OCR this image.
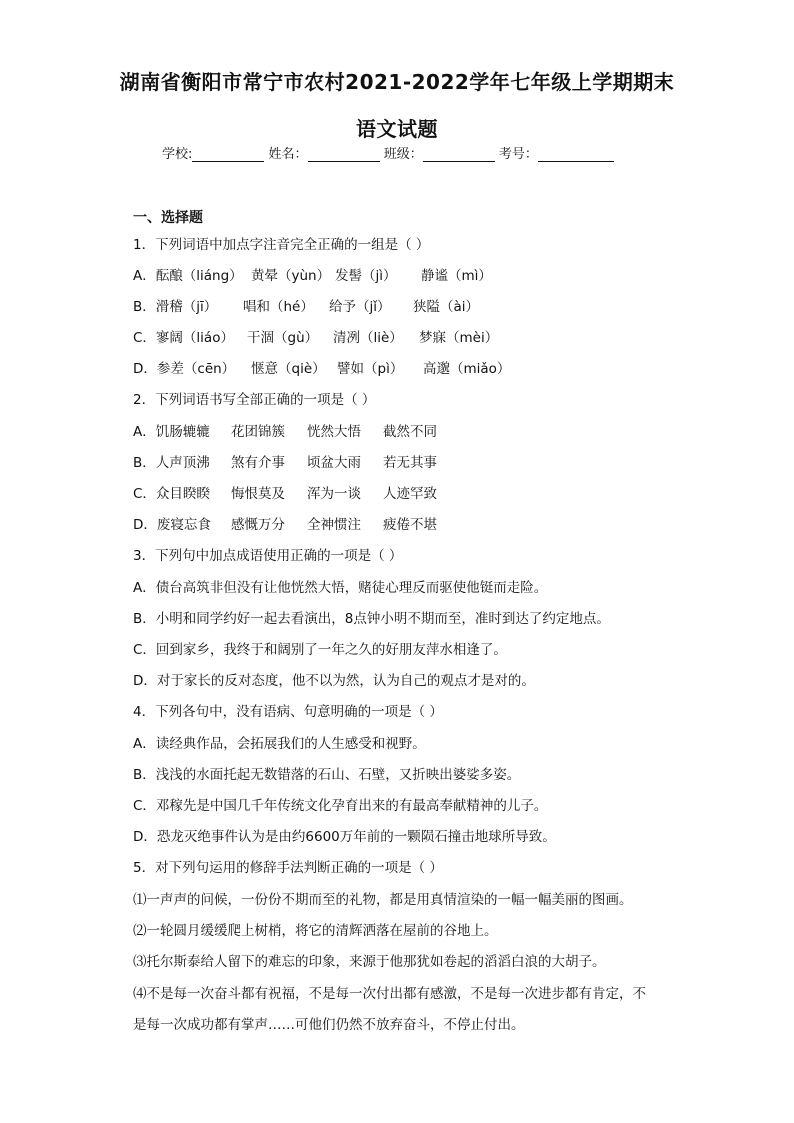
湖南省衡阳市常宁市农村2021-2022学年七年级上学期期末
语文试题
学校:	姓名：	班级：	考号：
一、选择题
1．下列词语中加点字注音完全正确的一组是（ ）
A．酝酿（liáng） 黄晕（yùn） 发髻（jì）	静谧（mì）
B．滑稽（jī）	唱和（hé）	给予（jǐ）	狭隘（ài）
C．寥阔（liáo） 干涸（gù）	清冽（liè）	梦寐（mèi）
D．参差（cēn）	惬意（qiè） 譬如（pì）	高邈（miǎo）
2．下列词语书写全部正确的一项是（ ）
A．饥肠辘辘	花团锦簇	恍然大悟	截然不同
B．人声顶沸	煞有介事	顷盆大雨	若无其事
C．众目睽睽	悔恨莫及	浑为一谈	人迹罕致
D．废寝忘食	感慨万分	全神惯注	疲倦不堪
3．下列句中加点成语使用正确的一项是（ ）
A．债台高筑非但没有让他恍然大悟，赌徒心理反而驱使他铤而走险。
B．小明和同学约好一起去看演出，8点钟小明不期而至，准时到达了约定地点。
C．回到家乡，我终于和阔别了一年之久的好朋友萍水相逢了。
D．对于家长的反对态度，他不以为然，认为自己的观点才是对的。
4．下列各句中，没有语病、句意明确的一项是（ ）
A．读经典作品，会拓展我们的人生感受和视野。
B．浅浅的水面托起无数错落的石山、石壁，又折映出婆娑多姿。
C．邓稼先是中国几千年传统文化孕育出来的有最高奉献精神的儿子。
D．恐龙灭绝事件认为是由约6600万年前的一颗陨石撞击地球所导致。
5．对下列句运用的修辞手法判断正确的一项是（ ）
⑴一声声的问候，一份份不期而至的礼物，都是用真情渲染的一幅一幅美丽的图画。
⑵一轮圆月缓缓爬上树梢，将它的清辉洒落在屋前的谷地上。
⑶托尔斯泰给人留下的难忘的印象，来源于他那犹如卷起的滔滔白浪的大胡子。
⑷不是每一次奋斗都有祝福，不是每一次付出都有感激，不是每一次进步都有肯定，不
是每一次成功都有掌声……可他们仍然不放弃奋斗，不停止付出。
